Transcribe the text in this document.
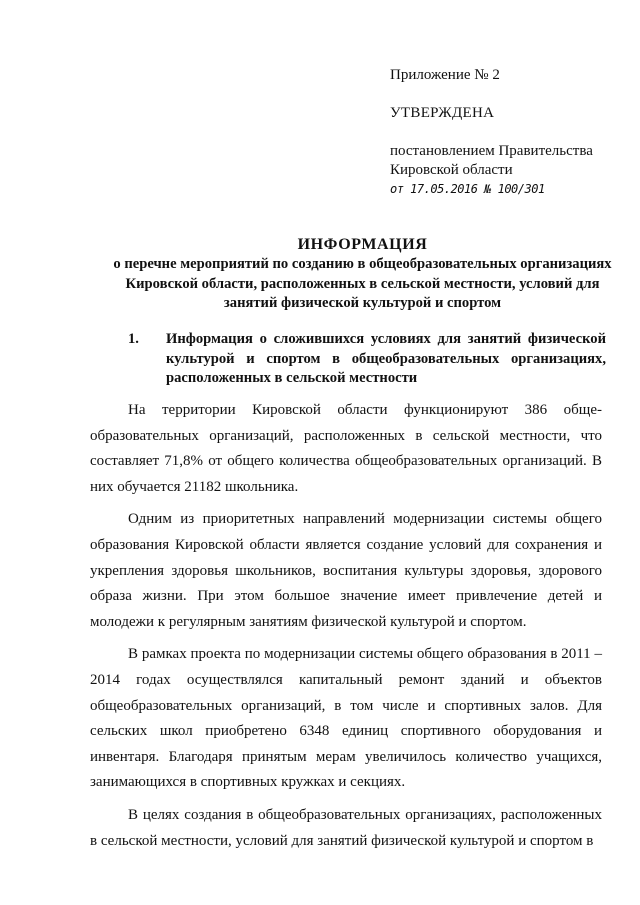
Приложение № 2
УТВЕРЖДЕНА
постановлением Правительства
Кировской области
от 17.05.2016 № 100/301
ИНФОРМАЦИЯ
о перечне мероприятий по созданию в общеобразовательных организациях Кировской области, расположенных в сельской местности, условий для занятий физической культурой и спортом
1. Информация о сложившихся условиях для занятий физической культурой и спортом в общеобразовательных организациях, расположенных в сельской местности

На территории Кировской области функционируют 386 обще-образовательных организаций, расположенных в сельской местности, что составляет 71,8% от общего количества общеобразовательных организаций. В них обучается 21182 школьника.

Одним из приоритетных направлений модернизации системы общего образования Кировской области является создание условий для сохранения и укрепления здоровья школьников, воспитания культуры здоровья, здорового образа жизни. При этом большое значение имеет привлечение детей и молодежи к регулярным занятиям физической культурой и спортом.

В рамках проекта по модернизации системы общего образования в 2011 – 2014 годах осуществлялся капитальный ремонт зданий и объектов общеобразовательных организаций, в том числе и спортивных залов. Для сельских школ приобретено 6348 единиц спортивного оборудования и инвентаря. Благодаря принятым мерам увеличилось количество учащихся, занимающихся в спортивных кружках и секциях.

В целях создания в общеобразовательных организациях, расположенных в сельской местности, условий для занятий физической культурой и спортом в
